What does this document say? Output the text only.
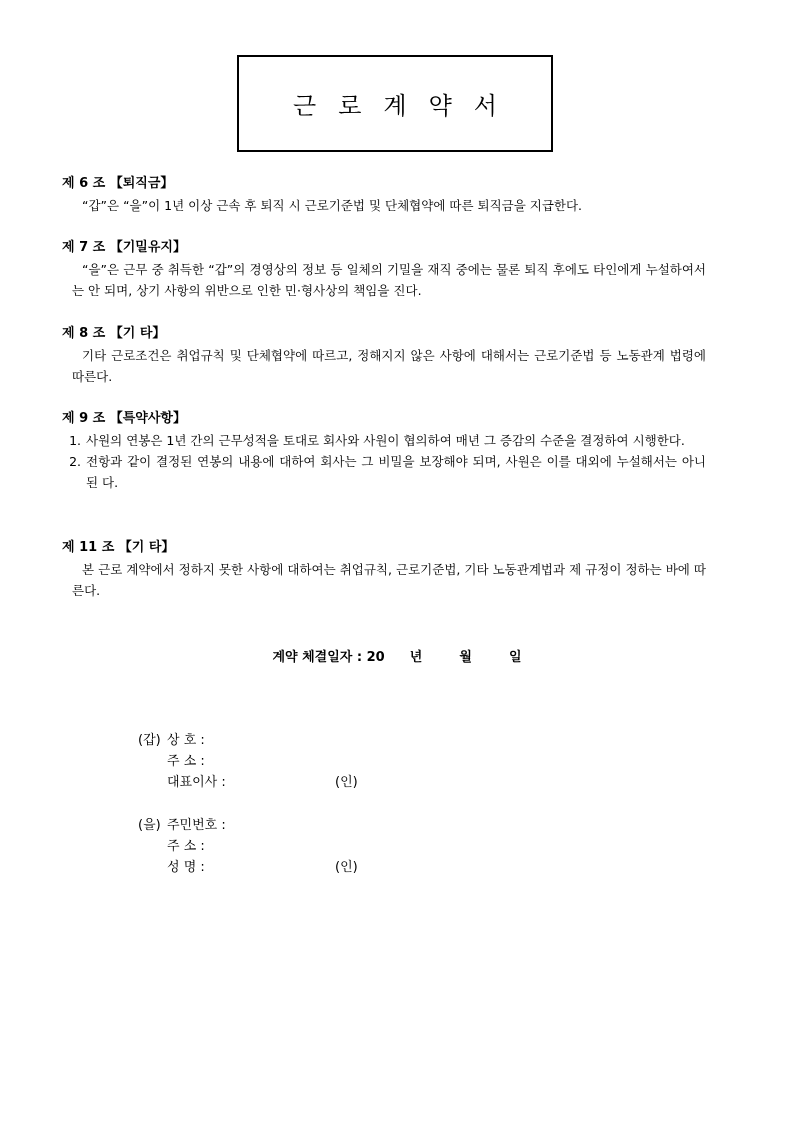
근로계약서
제 6 조 【퇴직금】
“갑”은 “을”이 1년 이상 근속 후 퇴직 시 근로기준법 및 단체협약에 따른 퇴직금을 지급한다.
제 7 조 【기밀유지】
“을”은 근무 중 취득한 “갑”의 경영상의 정보 등 일체의 기밀을 재직 중에는 물론 퇴직 후에도 타인에게 누설하여서는 안 되며, 상기 사항의 위반으로 인한 민·형사상의 책임을 진다.
제 8 조 【기 타】
기타 근로조건은 취업규칙 및 단체협약에 따르고, 정해지지 않은 사항에 대해서는 근로기준법 등 노동관계 법령에 따른다.
제 9 조 【특약사항】
1. 사원의 연봉은 1년 간의 근무성적을 토대로 회사와 사원이 협의하여 매년 그 증감의 수준을 결정하여 시행한다.
2. 전항과 같이 결정된 연봉의 내용에 대하여 회사는 그 비밀을 보장해야 되며, 사원은 이를 대외에 누설해서는 아니 된 다.
제 11 조 【기 타】
본 근로 계약에서 정하지 못한 사항에 대하여는 취업규칙, 근로기준법, 기타 노동관계법과 제 규정이 정하는 바에 따른다.
계약 체결일자 : 20 년	월	일
(갑) 상 호 :
주 소 :
대표이사 :	(인)
(을) 주민번호 :
주 소 :
성 명 :	(인)
